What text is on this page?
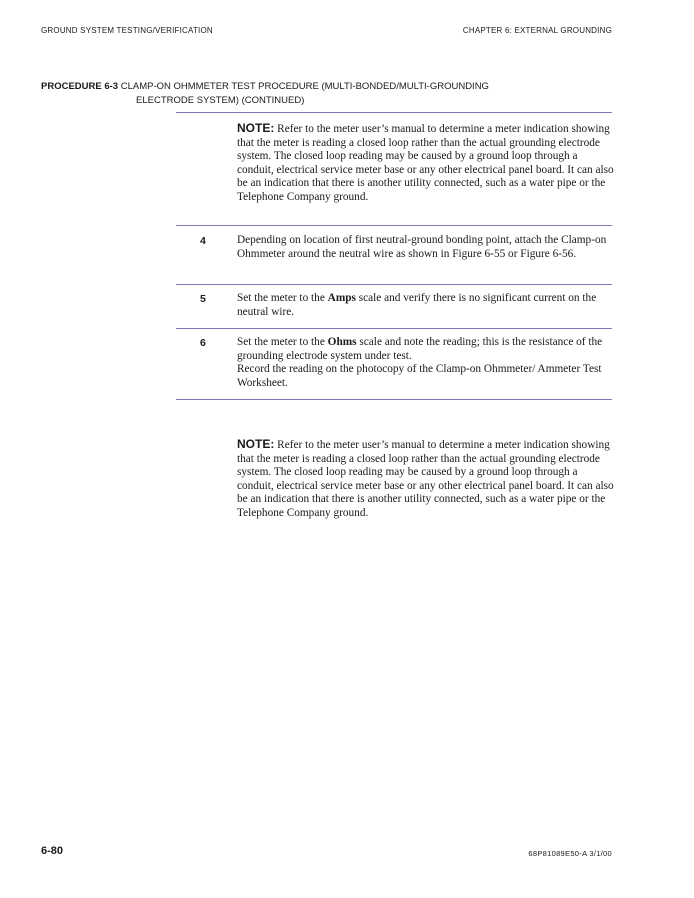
GROUND SYSTEM TESTING/VERIFICATION	CHAPTER 6: EXTERNAL GROUNDING
PROCEDURE 6-3 CLAMP-ON OHMMETER TEST PROCEDURE (MULTI-BONDED/MULTI-GROUNDING
ELECTRODE SYSTEM) (CONTINUED)
NOTE: Refer to the meter user’s manual to determine a meter indication showing that the meter is reading a closed loop rather than the actual grounding electrode system. The closed loop reading may be caused by a ground loop through a conduit, electrical service meter base or any other electrical panel board. It can also be an indication that there is another utility connected, such as a water pipe or the Telephone Company ground.
4	Depending on location of first neutral-ground bonding point, attach the Clamp-on Ohmmeter around the neutral wire as shown in Figure 6-55 or Figure 6-56.
5	Set the meter to the Amps scale and verify there is no significant current on the neutral wire.
6	Set the meter to the Ohms scale and note the reading; this is the resistance of the grounding electrode system under test.
Record the reading on the photocopy of the Clamp-on Ohmmeter/ Ammeter Test Worksheet.
NOTE: Refer to the meter user’s manual to determine a meter indication showing that the meter is reading a closed loop rather than the actual grounding electrode system. The closed loop reading may be caused by a ground loop through a conduit, electrical service meter base or any other electrical panel board. It can also be an indication that there is another utility connected, such as a water pipe or the Telephone Company ground.
6-80	68P81089E50-A 3/1/00
